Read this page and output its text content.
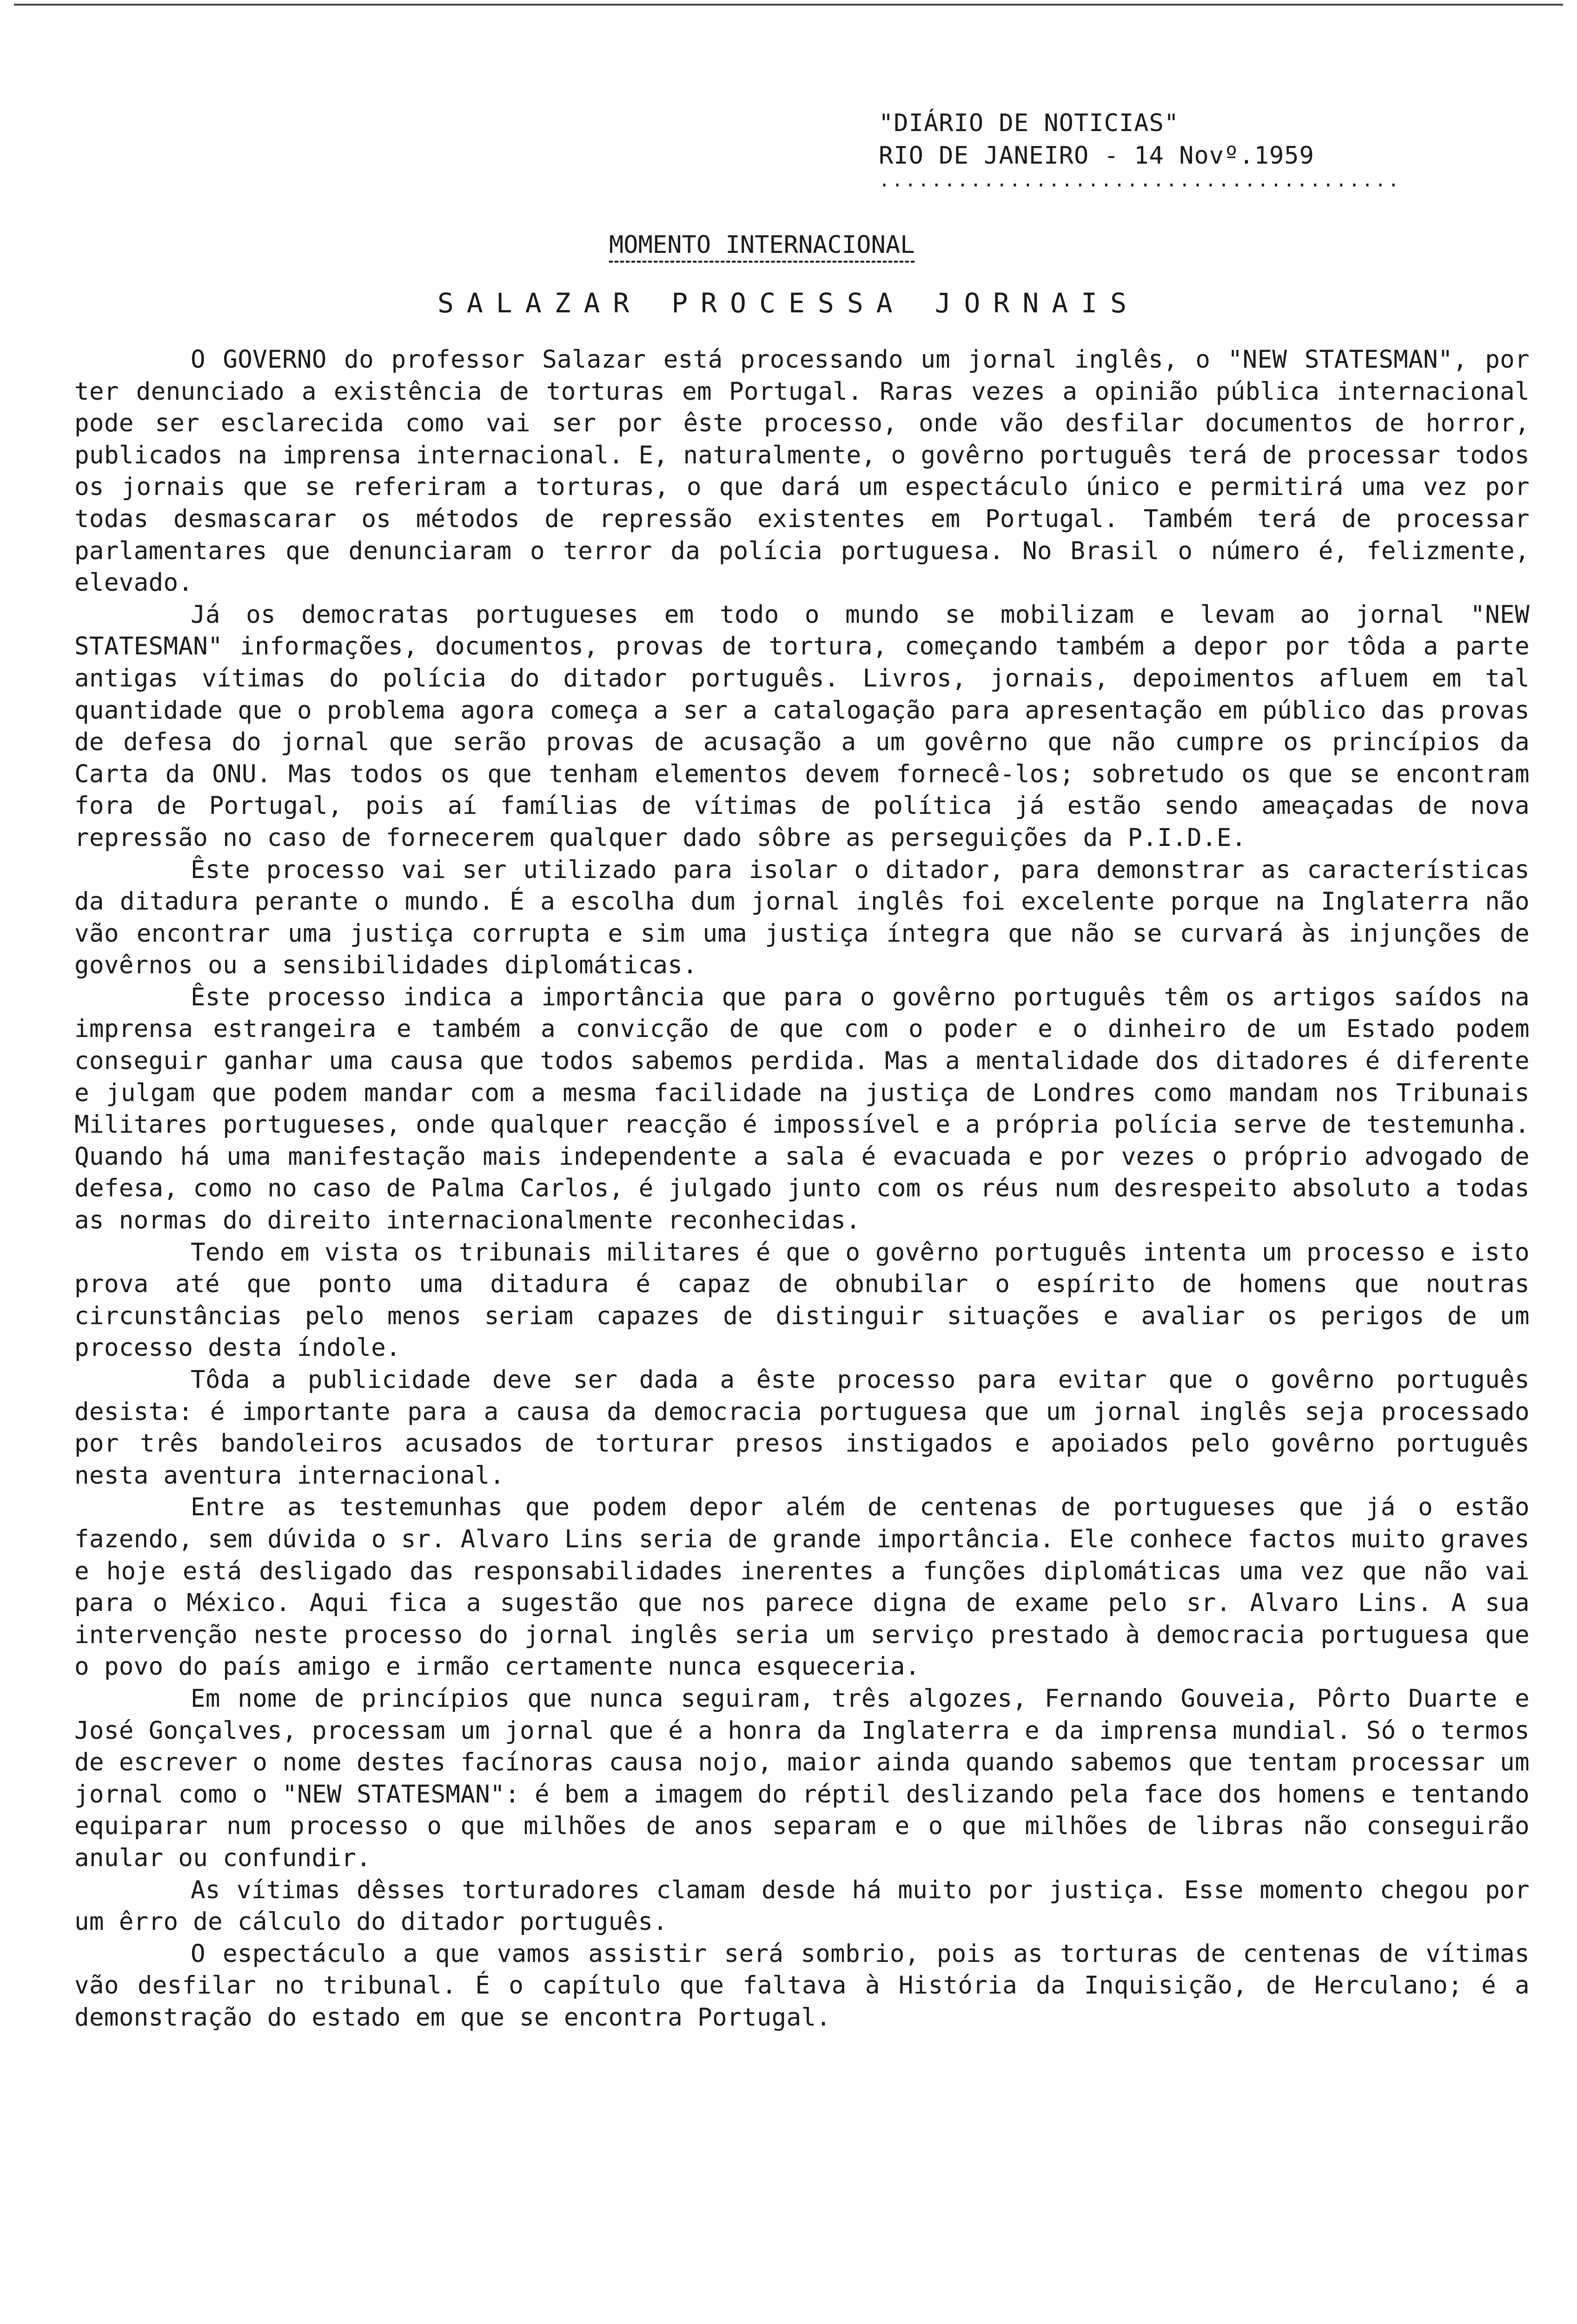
"DIÁRIO DE NOTICIAS"
RIO DE JANEIRO - 14 Novº.1959
........................................
MOMENTO INTERNACIONAL
SALAZAR PROCESSA JORNAIS

O GOVERNO do professor Salazar está processando um jornal inglês, o "NEW STATESMAN", por ter denunciado a existência de torturas em Portugal. Raras vezes a opinião pública internacional pode ser esclarecida como vai ser por êste processo, onde vão desfilar documentos de horror, publicados na imprensa internacional. E, naturalmente, o govêrno português terá de processar todos os jornais que se referiram a torturas, o que dará um espectáculo único e permitirá uma vez por todas desmascarar os métodos de repressão existentes em Portugal. Também terá de processar parlamentares que denunciaram o terror da polícia portuguesa. No Brasil o número é, felizmente, elevado.

Já os democratas portugueses em todo o mundo se mobilizam e levam ao jornal "NEW STATESMAN" informações, documentos, provas de tortura, começando também a depor por tôda a parte antigas vítimas do polícia do ditador português. Livros, jornais, depoimentos afluem em tal quantidade que o problema agora começa a ser a catalogação para apresentação em público das provas de defesa do jornal que serão provas de acusação a um govêrno que não cumpre os princípios da Carta da ONU. Mas todos os que tenham elementos devem fornecê-los; sobretudo os que se encontram fora de Portugal, pois aí famílias de vítimas de política já estão sendo ameaçadas de nova repressão no caso de fornecerem qualquer dado sôbre as perseguições da P.I.D.E.

Êste processo vai ser utilizado para isolar o ditador, para demonstrar as características da ditadura perante o mundo. É a escolha dum jornal inglês foi excelente porque na Inglaterra não vão encontrar uma justiça corrupta e sim uma justiça íntegra que não se curvará às injunções de govêrnos ou a sensibilidades diplomáticas.

Êste processo indica a importância que para o govêrno português têm os artigos saídos na imprensa estrangeira e também a convicção de que com o poder e o dinheiro de um Estado podem conseguir ganhar uma causa que todos sabemos perdida. Mas a mentalidade dos ditadores é diferente e julgam que podem mandar com a mesma facilidade na justiça de Londres como mandam nos Tribunais Militares portugueses, onde qualquer reacção é impossível e a própria polícia serve de testemunha. Quando há uma manifestação mais independente a sala é evacuada e por vezes o próprio advogado de defesa, como no caso de Palma Carlos, é julgado junto com os réus num desrespeito absoluto a todas as normas do direito internacionalmente reconhecidas.

Tendo em vista os tribunais militares é que o govêrno português intenta um processo e isto prova até que ponto uma ditadura é capaz de obnubilar o espírito de homens que noutras circunstâncias pelo menos seriam capazes de distinguir situações e avaliar os perigos de um processo desta índole.

Tôda a publicidade deve ser dada a êste processo para evitar que o govêrno português desista: é importante para a causa da democracia portuguesa que um jornal inglês seja processado por três bandoleiros acusados de torturar presos instigados e apoiados pelo govêrno português nesta aventura internacional.

Entre as testemunhas que podem depor além de centenas de portugueses que já o estão fazendo, sem dúvida o sr. Alvaro Lins seria de grande importância. Ele conhece factos muito graves e hoje está desligado das responsabilidades inerentes a funções diplomáticas uma vez que não vai para o México. Aqui fica a sugestão que nos parece digna de exame pelo sr. Alvaro Lins. A sua intervenção neste processo do jornal inglês seria um serviço prestado à democracia portuguesa que o povo do país amigo e irmão certamente nunca esqueceria.

Em nome de princípios que nunca seguiram, três algozes, Fernando Gouveia, Pôrto Duarte e José Gonçalves, processam um jornal que é a honra da Inglaterra e da imprensa mundial. Só o termos de escrever o nome destes facínoras causa nojo, maior ainda quando sabemos que tentam processar um jornal como o "NEW STATESMAN": é bem a imagem do réptil deslizando pela face dos homens e tentando equiparar num processo o que milhões de anos separam e o que milhões de libras não conseguirão anular ou confundir.

As vítimas dêsses torturadores clamam desde há muito por justiça. Esse momento chegou por um êrro de cálculo do ditador português.

O espectáculo a que vamos assistir será sombrio, pois as torturas de centenas de vítimas vão desfilar no tribunal. É o capítulo que faltava à História da Inquisição, de Herculano; é a demonstração do estado em que se encontra Portugal.
